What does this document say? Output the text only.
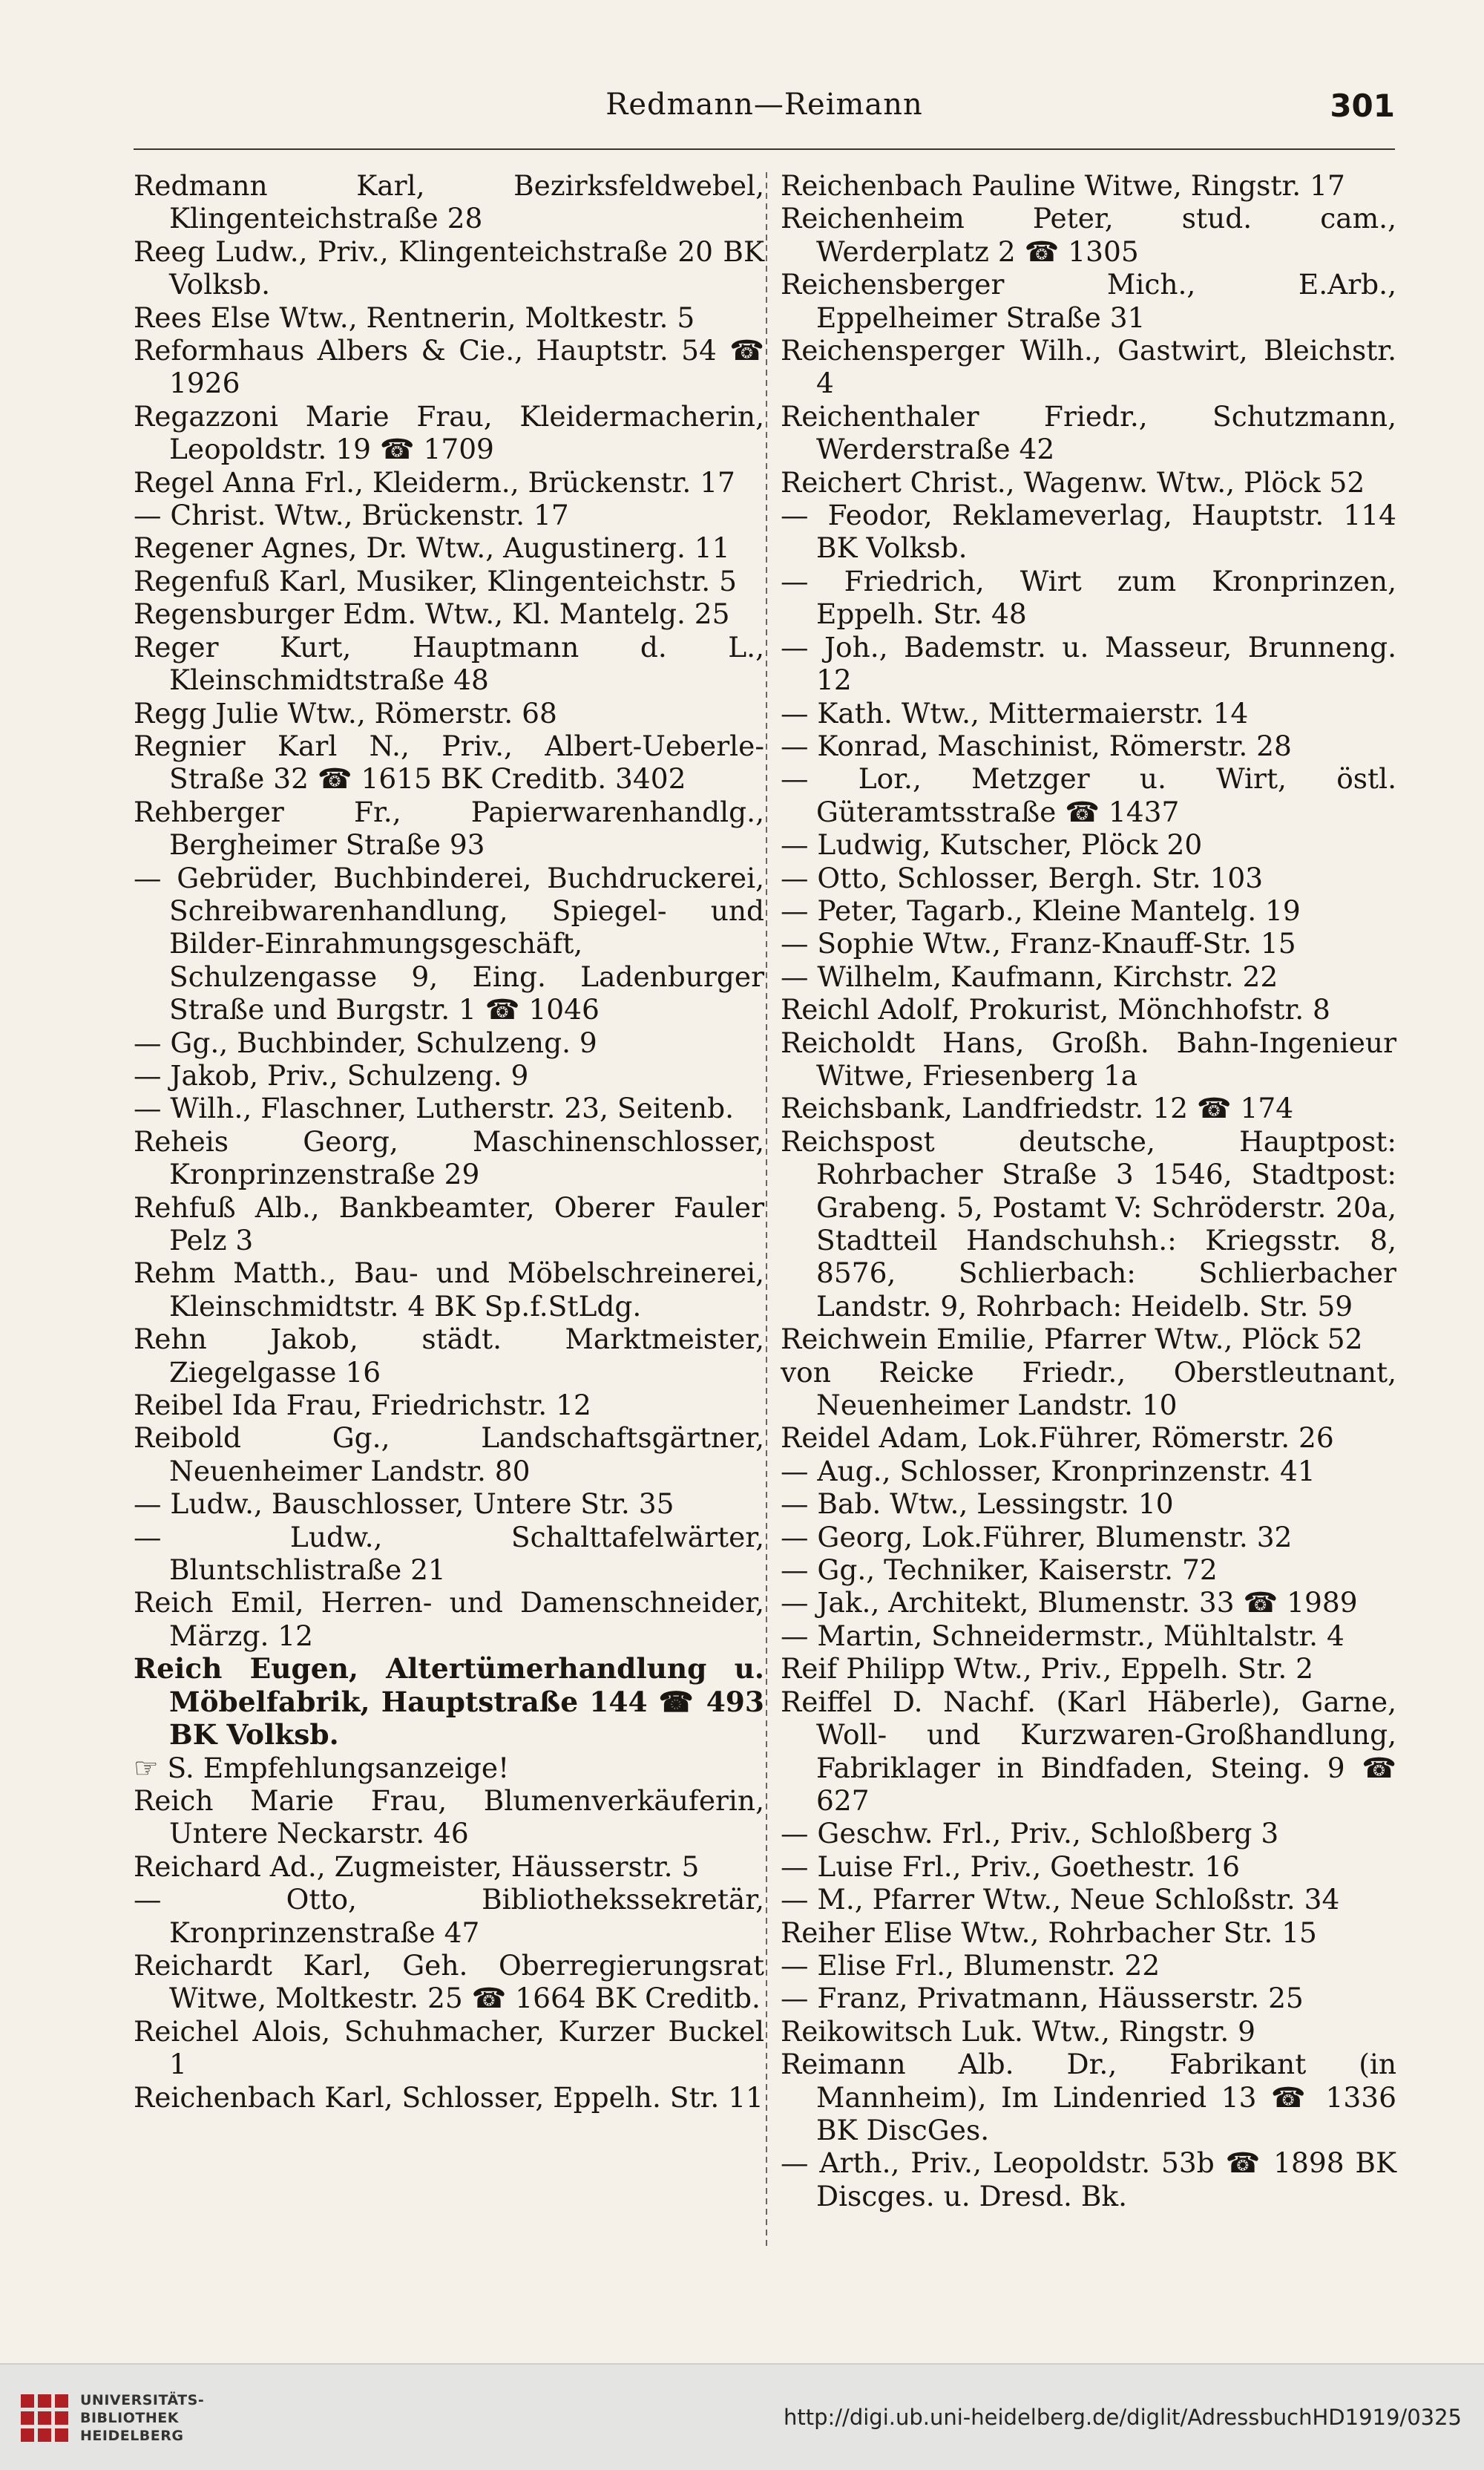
Redmann—Reimann	301
Redmann Karl, Bezirksfeldwebel, Klingenteichstraße 28
Reeg Ludw., Priv., Klingenteichstraße 20 BK Volksb.
Rees Else Wtw., Rentnerin, Moltkestr. 5
Reformhaus Albers & Cie., Hauptstr. 54 ☎ 1926
Regazzoni Marie Frau, Kleidermacherin, Leopoldstr. 19 ☎ 1709
Regel Anna Frl., Kleiderm., Brückenstr. 17
— Christ. Wtw., Brückenstr. 17
Regener Agnes, Dr. Wtw., Augustinerg. 11
Regenfuß Karl, Musiker, Klingenteichstr. 5
Regensburger Edm. Wtw., Kl. Mantelg. 25
Reger Kurt, Hauptmann d. L., Kleinschmidtstraße 48
Regg Julie Wtw., Römerstr. 68
Regnier Karl N., Priv., Albert-Ueberle-Straße 32 ☎ 1615 BK Creditb. 3402
Rehberger Fr., Papierwarenhandlg., Bergheimer Straße 93
— Gebrüder, Buchbinderei, Buchdruckerei, Schreibwarenhandlung, Spiegel- und Bilder-Einrahmungsgeschäft, Schulzengasse 9, Eing. Ladenburger Straße und Burgstr. 1 ☎ 1046
— Gg., Buchbinder, Schulzeng. 9
— Jakob, Priv., Schulzeng. 9
— Wilh., Flaschner, Lutherstr. 23, Seitenb.
Reheis Georg, Maschinenschlosser, Kronprinzenstraße 29
Rehfuß Alb., Bankbeamter, Oberer Fauler Pelz 3
Rehm Matth., Bau- und Möbelschreinerei, Kleinschmidtstr. 4 BK Sp.f.StLdg.
Rehn Jakob, städt. Marktmeister, Ziegelgasse 16
Reibel Ida Frau, Friedrichstr. 12
Reibold Gg., Landschaftsgärtner, Neuenheimer Landstr. 80
— Ludw., Bauschlosser, Untere Str. 35
— Ludw., Schalttafelwärter, Bluntschlistraße 21
Reich Emil, Herren- und Damenschneider, Märzg. 12
Reich Eugen, Altertümerhandlung u. Möbelfabrik, Hauptstraße 144 ☎ 493 BK Volksb.
☞ S. Empfehlungsanzeige!
Reich Marie Frau, Blumenverkäuferin, Untere Neckarstr. 46
Reichard Ad., Zugmeister, Häusserstr. 5
— Otto, Bibliothekssekretär, Kronprinzenstraße 47
Reichardt Karl, Geh. Oberregierungsrat Witwe, Moltkestr. 25 ☎ 1664 BK Creditb.
Reichel Alois, Schuhmacher, Kurzer Buckel 1
Reichenbach Karl, Schlosser, Eppelh. Str. 11
Reichenbach Pauline Witwe, Ringstr. 17
Reichenheim Peter, stud. cam., Werderplatz 2 ☎ 1305
Reichensberger Mich., E.Arb., Eppelheimer Straße 31
Reichensperger Wilh., Gastwirt, Bleichstr. 4
Reichenthaler Friedr., Schutzmann, Werderstraße 42
Reichert Christ., Wagenw. Wtw., Plöck 52
— Feodor, Reklameverlag, Hauptstr. 114 BK Volksb.
— Friedrich, Wirt zum Kronprinzen, Eppelh. Str. 48
— Joh., Bademstr. u. Masseur, Brunneng. 12
— Kath. Wtw., Mittermaierstr. 14
— Konrad, Maschinist, Römerstr. 28
— Lor., Metzger u. Wirt, östl. Güteramtsstraße ☎ 1437
— Ludwig, Kutscher, Plöck 20
— Otto, Schlosser, Bergh. Str. 103
— Peter, Tagarb., Kleine Mantelg. 19
— Sophie Wtw., Franz-Knauff-Str. 15
— Wilhelm, Kaufmann, Kirchstr. 22
Reichl Adolf, Prokurist, Mönchhofstr. 8
Reicholdt Hans, Großh. Bahn-Ingenieur Witwe, Friesenberg 1a
Reichsbank, Landfriedstr. 12 ☎ 174
Reichspost deutsche, Hauptpost: Rohrbacher Straße 3 1546, Stadtpost: Grabeng. 5, Postamt V: Schröderstr. 20a, Stadtteil Handschuhsh.: Kriegsstr. 8, 8576, Schlierbach: Schlierbacher Landstr. 9, Rohrbach: Heidelb. Str. 59
Reichwein Emilie, Pfarrer Wtw., Plöck 52
von Reicke Friedr., Oberstleutnant, Neuenheimer Landstr. 10
Reidel Adam, Lok.Führer, Römerstr. 26
— Aug., Schlosser, Kronprinzenstr. 41
— Bab. Wtw., Lessingstr. 10
— Georg, Lok.Führer, Blumenstr. 32
— Gg., Techniker, Kaiserstr. 72
— Jak., Architekt, Blumenstr. 33 ☎ 1989
— Martin, Schneidermstr., Mühltalstr. 4
Reif Philipp Wtw., Priv., Eppelh. Str. 2
Reiffel D. Nachf. (Karl Häberle), Garne, Woll- und Kurzwaren-Großhandlung, Fabriklager in Bindfaden, Steing. 9 ☎ 627
— Geschw. Frl., Priv., Schloßberg 3
— Luise Frl., Priv., Goethestr. 16
— M., Pfarrer Wtw., Neue Schloßstr. 34
Reiher Elise Wtw., Rohrbacher Str. 15
— Elise Frl., Blumenstr. 22
— Franz, Privatmann, Häusserstr. 25
Reikowitsch Luk. Wtw., Ringstr. 9
Reimann Alb. Dr., Fabrikant (in Mannheim), Im Lindenried 13 ☎ 1336 BK DiscGes.
— Arth., Priv., Leopoldstr. 53b ☎ 1898 BK Discges. u. Dresd. Bk.
UNIVERSITÄTS-
BIBLIOTHEK
HEIDELBERG
http://digi.ub.uni-heidelberg.de/diglit/AdressbuchHD1919/0325
